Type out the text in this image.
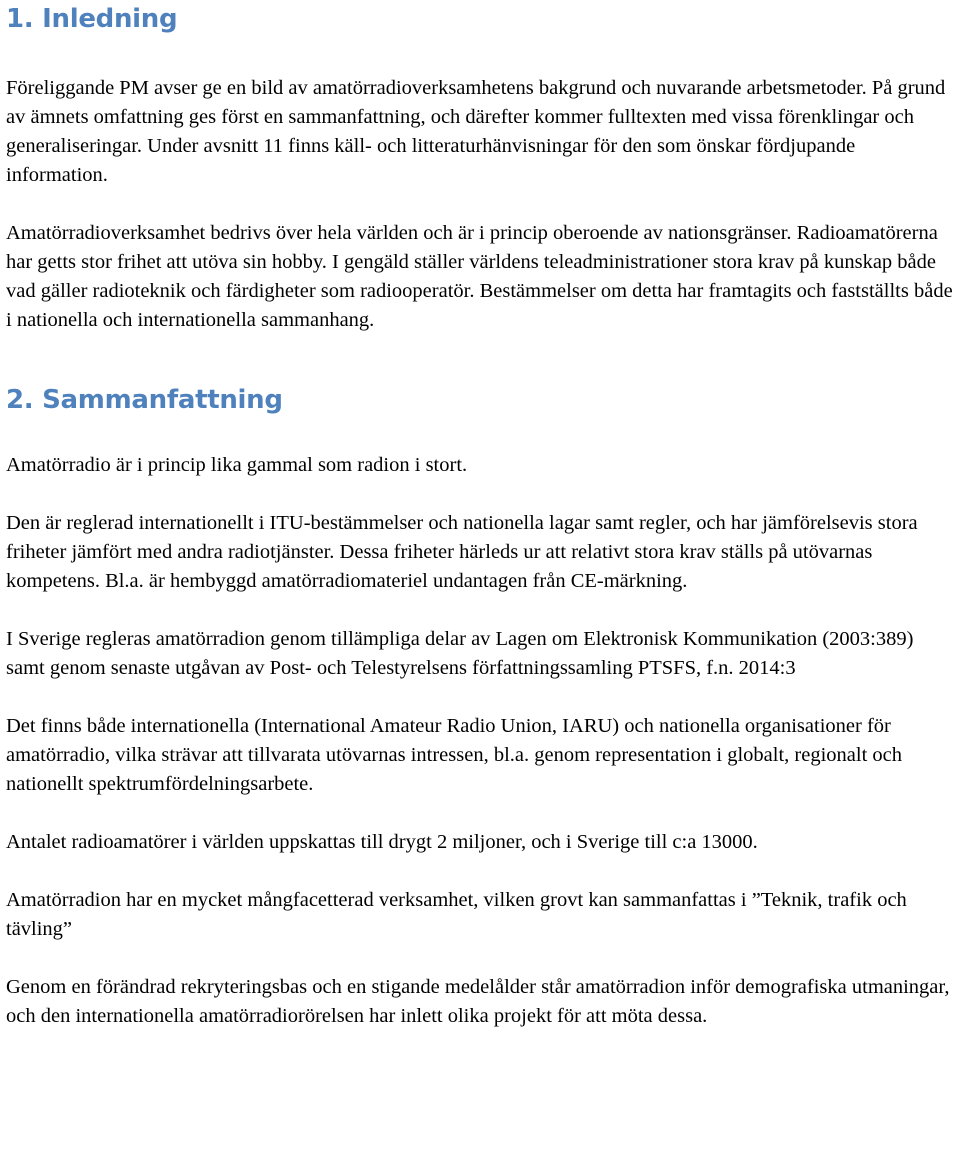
1. Inledning

Föreliggande PM avser ge en bild av amatörradioverksamhetens bakgrund och nuvarande arbetsmetoder. På grund av ämnets omfattning ges först en sammanfattning, och därefter kommer fulltexten med vissa förenklingar och generaliseringar. Under avsnitt 11 finns käll- och litteraturhänvisningar för den som önskar fördjupande information.

Amatörradioverksamhet bedrivs över hela världen och är i princip oberoende av nationsgränser. Radioamatörerna har getts stor frihet att utöva sin hobby. I gengäld ställer världens teleadministrationer stora krav på kunskap både vad gäller radioteknik och färdigheter som radiooperatör. Bestämmelser om detta har framtagits och fastställts både i nationella och internationella sammanhang.

2. Sammanfattning

Amatörradio är i princip lika gammal som radion i stort.

Den är reglerad internationellt i ITU-bestämmelser och nationella lagar samt regler, och har jämförelsevis stora friheter jämfört med andra radiotjänster. Dessa friheter härleds ur att relativt stora krav ställs på utövarnas kompetens. Bl.a. är hembyggd amatörradiomateriel undantagen från CE-märkning.

I Sverige regleras amatörradion genom tillämpliga delar av Lagen om Elektronisk Kommunikation (2003:389) samt genom senaste utgåvan av Post- och Telestyrelsens författningssamling PTSFS, f.n. 2014:3

Det finns både internationella (International Amateur Radio Union, IARU) och nationella organisationer för amatörradio, vilka strävar att tillvarata utövarnas intressen, bl.a. genom representation i globalt, regionalt och nationellt spektrumfördelningsarbete.

Antalet radioamatörer i världen uppskattas till drygt 2 miljoner, och i Sverige till c:a 13000.

Amatörradion har en mycket mångfacetterad verksamhet, vilken grovt kan sammanfattas i ”Teknik, trafik och tävling”

Genom en förändrad rekryteringsbas och en stigande medelålder står amatörradion inför demografiska utmaningar, och den internationella amatörradiorörelsen har inlett olika projekt för att möta dessa.
